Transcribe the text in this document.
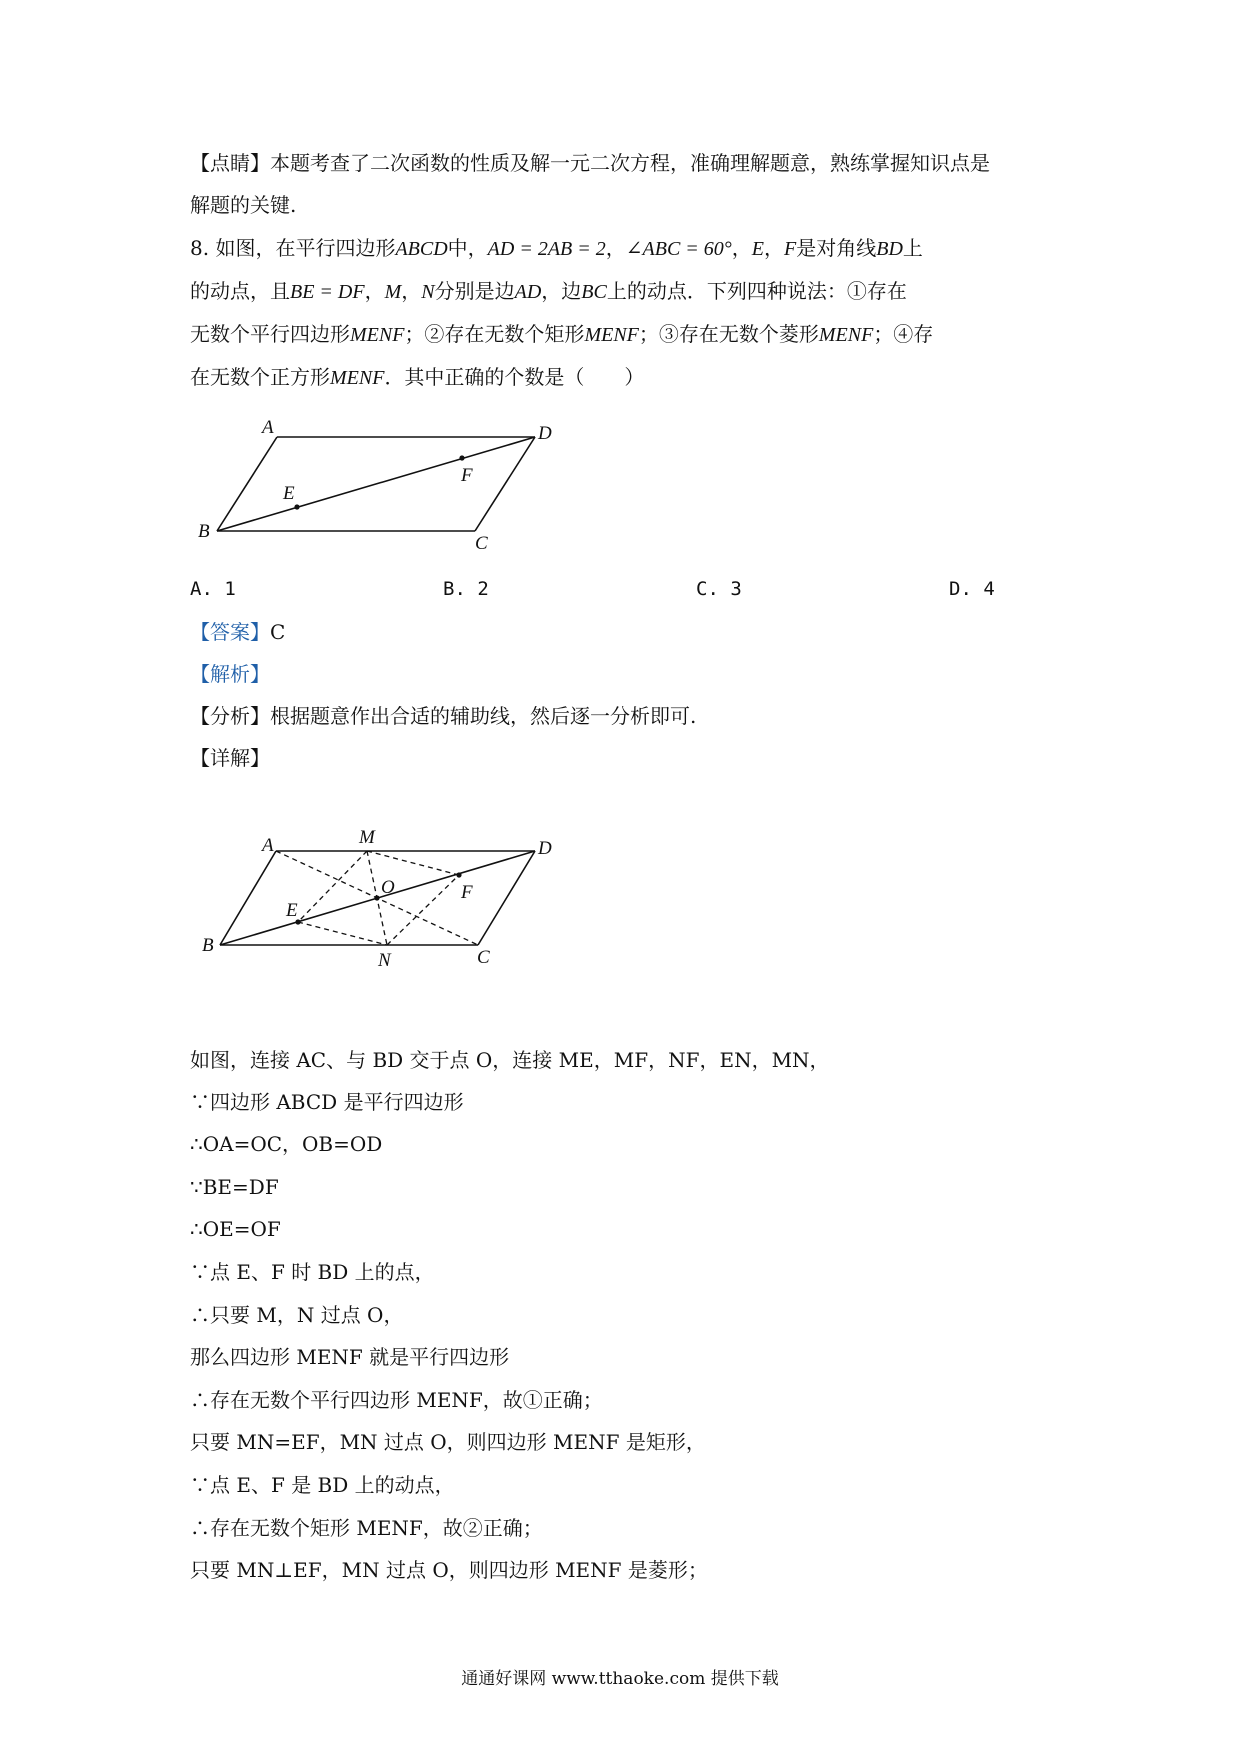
【点睛】本题考查了二次函数的性质及解一元二次方程，准确理解题意，熟练掌握知识点是
解题的关键.
8. 如图，在平行四边形ABCD中，AD = 2AB = 2，∠ABC = 60°，E，F是对角线BD上
的动点，且BE = DF，M，N分别是边AD，边BC上的动点．下列四种说法：①存在
无数个平行四边形MENF；②存在无数个矩形MENF；③存在无数个菱形MENF；④存
在无数个正方形MENF．其中正确的个数是（　　）
A	D
B
C
E
F
A. 1	B. 2	C. 3	D. 4
【答案】C
【解析】
【分析】根据题意作出合适的辅助线，然后逐一分析即可.
【详解】
A	M
D
O	F
E
B
N	C
如图，连接 AC、与 BD 交于点 O，连接 ME，MF，NF，EN，MN，
∵四边形 ABCD 是平行四边形
∴OA=OC，OB=OD
∵BE=DF
∴OE=OF
∵点 E、F 时 BD 上的点，
∴只要 M，N 过点 O，
那么四边形 MENF 就是平行四边形
∴存在无数个平行四边形 MENF，故①正确；
只要 MN=EF，MN 过点 O，则四边形 MENF 是矩形，
∵点 E、F 是 BD 上的动点，
∴存在无数个矩形 MENF，故②正确；
只要 MN⊥EF，MN 过点 O，则四边形 MENF 是菱形；
通通好课网 www.tthaoke.com 提供下载
